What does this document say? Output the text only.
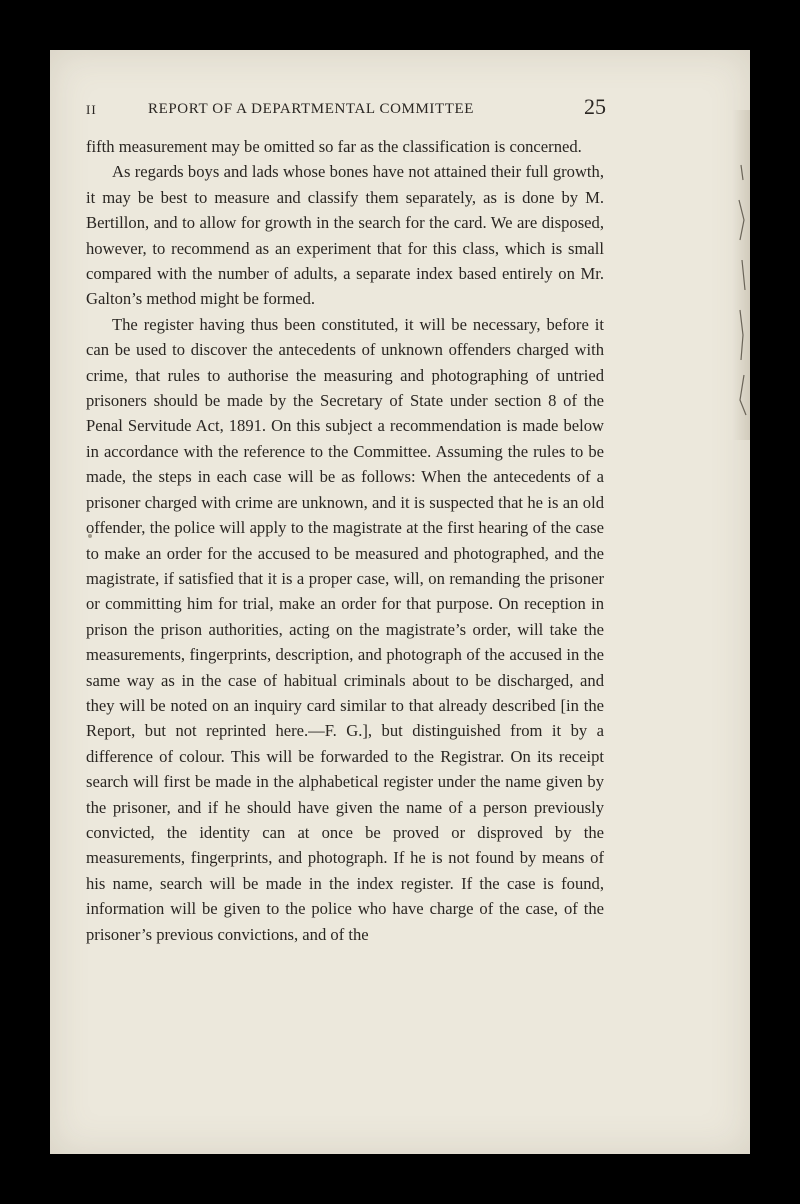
II	REPORT OF A DEPARTMENTAL COMMITTEE	25

fifth measurement may be omitted so far as the classification is concerned.

As regards boys and lads whose bones have not attained their full growth, it may be best to measure and classify them separately, as is done by M. Bertillon, and to allow for growth in the search for the card. We are disposed, however, to recommend as an experiment that for this class, which is small compared with the number of adults, a separate index based entirely on Mr. Galton’s method might be formed.

The register having thus been constituted, it will be necessary, before it can be used to discover the antecedents of unknown offenders charged with crime, that rules to authorise the measuring and photographing of untried prisoners should be made by the Secretary of State under section 8 of the Penal Servitude Act, 1891. On this subject a recommendation is made below in accordance with the reference to the Committee. Assuming the rules to be made, the steps in each case will be as follows: When the antecedents of a prisoner charged with crime are unknown, and it is suspected that he is an old offender, the police will apply to the magistrate at the first hearing of the case to make an order for the accused to be measured and photographed, and the magistrate, if satisfied that it is a proper case, will, on remanding the prisoner or committing him for trial, make an order for that purpose. On reception in prison the prison authorities, acting on the magistrate’s order, will take the measurements, fingerprints, description, and photograph of the accused in the same way as in the case of habitual criminals about to be discharged, and they will be noted on an inquiry card similar to that already described [in the Report, but not reprinted here.—F. G.], but distinguished from it by a difference of colour. This will be forwarded to the Registrar. On its receipt search will first be made in the alphabetical register under the name given by the prisoner, and if he should have given the name of a person previously convicted, the identity can at once be proved or disproved by the measurements, fingerprints, and photograph. If he is not found by means of his name, search will be made in the index register. If the case is found, information will be given to the police who have charge of the case, of the prisoner’s previous convictions, and of the
